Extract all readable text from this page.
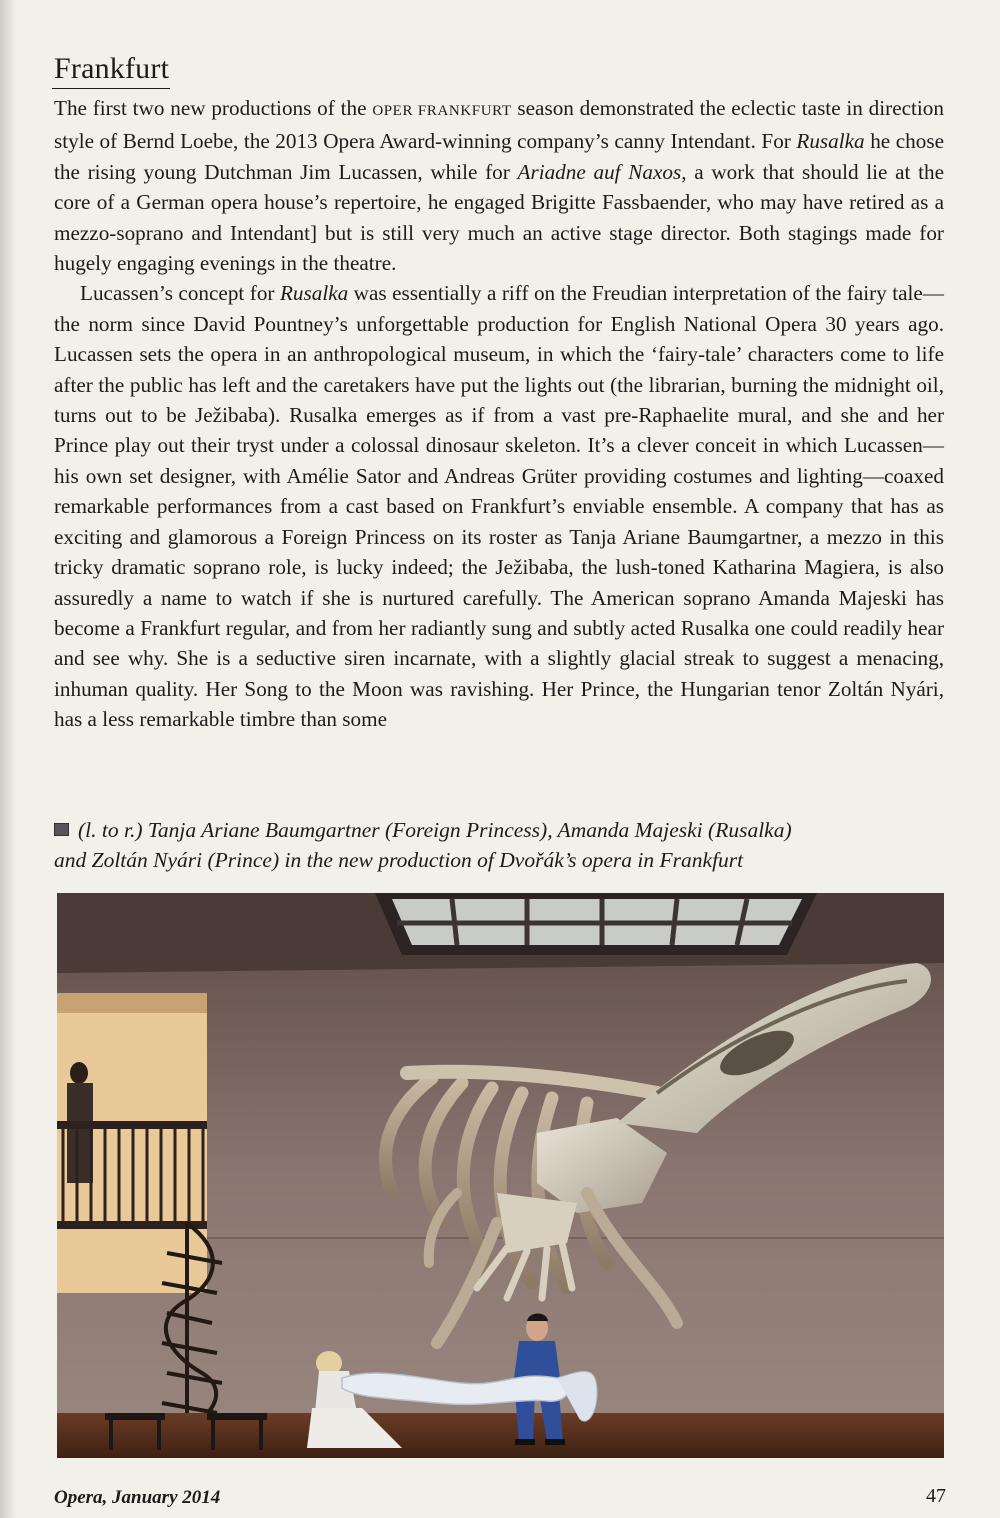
Frankfurt

The first two new productions of the OPER FRANKFURT season demonstrated the eclectic taste in direction style of Bernd Loebe, the 2013 Opera Award-winning company’s canny Intendant. For Rusalka he chose the rising young Dutchman Jim Lucassen, while for Ariadne auf Naxos, a work that should lie at the core of a German opera house’s repertoire, he engaged Brigitte Fassbaender, who may have retired as a mezzo-soprano and Intendant] but is still very much an active stage director. Both stagings made for hugely engaging evenings in the theatre.

Lucassen’s concept for Rusalka was essentially a riff on the Freudian interpretation of the fairy tale—the norm since David Pountney’s unforgettable production for English National Opera 30 years ago. Lucassen sets the opera in an anthropological museum, in which the ‘fairy-tale’ characters come to life after the public has left and the caretakers have put the lights out (the librarian, burning the midnight oil, turns out to be Ježibaba). Rusalka emerges as if from a vast pre-Raphaelite mural, and she and her Prince play out their tryst under a colossal dinosaur skeleton. It’s a clever conceit in which Lucassen—his own set designer, with Amélie Sator and Andreas Grüter providing costumes and lighting—coaxed remarkable performances from a cast based on Frankfurt’s enviable ensemble. A company that has as exciting and glamorous a Foreign Princess on its roster as Tanja Ariane Baumgartner, a mezzo in this tricky dramatic soprano role, is lucky indeed; the Ježibaba, the lush-toned Katharina Magiera, is also assuredly a name to watch if she is nurtured carefully. The American soprano Amanda Majeski has become a Frankfurt regular, and from her radiantly sung and subtly acted Rusalka one could readily hear and see why. She is a seductive siren incarnate, with a slightly glacial streak to suggest a menacing, inhuman quality. Her Song to the Moon was ravishing. Her Prince, the Hungarian tenor Zoltán Nyári, has a less remarkable timbre than some

(l. to r.) Tanja Ariane Baumgartner (Foreign Princess), Amanda Majeski (Rusalka)
and Zoltán Nyári (Prince) in the new production of Dvořák’s opera in Frankfurt
Opera, January 2014	47
